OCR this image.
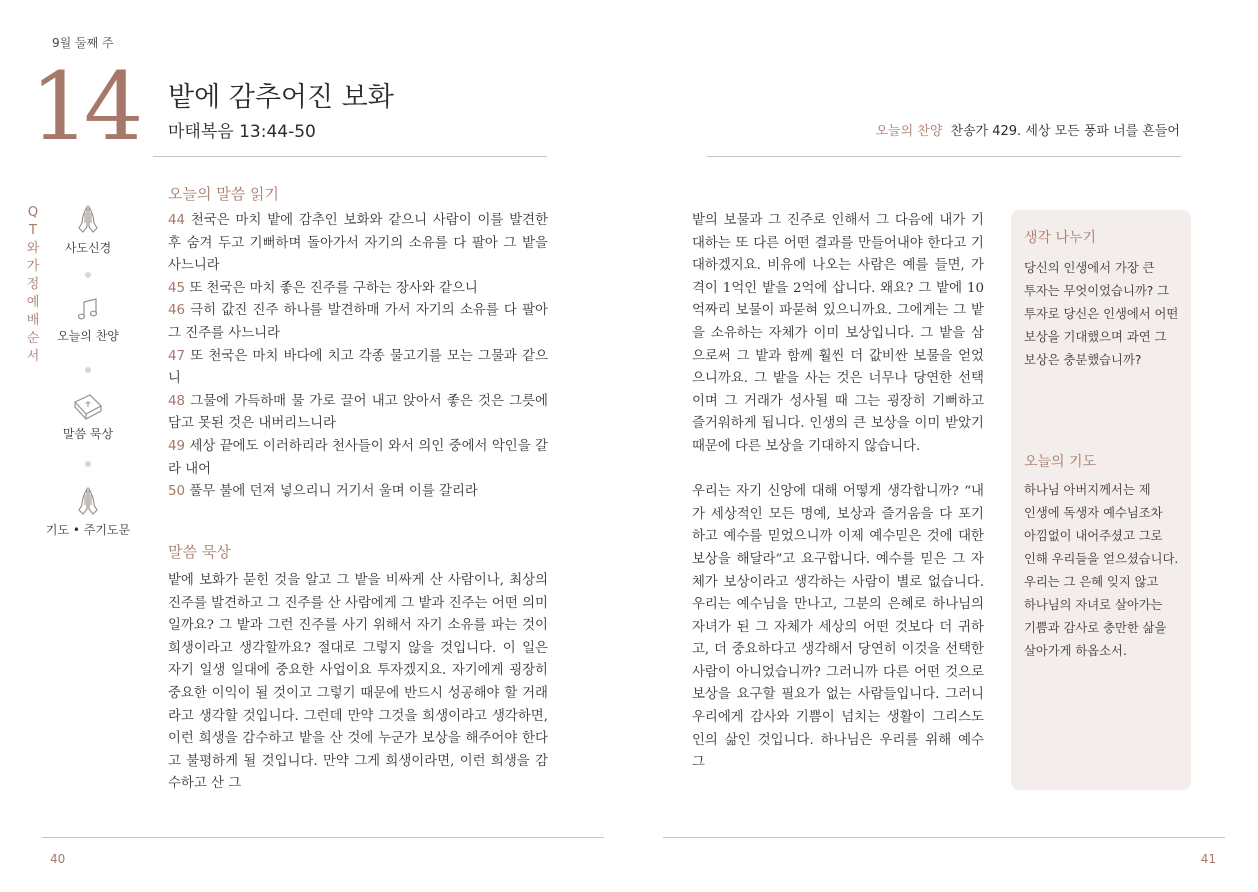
9월 둘째 주
14 밭에 감추어진 보화
마태복음 13:44-50
QT와 가정예배 순서
사도신경
오늘의 찬양
말씀 묵상
기도 • 주기도문
오늘의 말씀 읽기

44 천국은 마치 밭에 감추인 보화와 같으니 사람이 이를 발견한 후 숨겨 두고 기뻐하며 돌아가서 자기의 소유를 다 팔아 그 밭을 사느니라

45 또 천국은 마치 좋은 진주를 구하는 장사와 같으니

46 극히 값진 진주 하나를 발견하매 가서 자기의 소유를 다 팔아 그 진주를 사느니라

47 또 천국은 마치 바다에 치고 각종 물고기를 모는 그물과 같으니

48 그물에 가득하매 물 가로 끌어 내고 앉아서 좋은 것은 그릇에 담고 못된 것은 내버리느니라

49 세상 끝에도 이러하리라 천사들이 와서 의인 중에서 악인을 갈라 내어

50 풀무 불에 던져 넣으리니 거기서 울며 이를 갈리라

말씀 묵상
밭에 보화가 묻힌 것을 알고 그 밭을 비싸게 산 사람이나, 최상의 진주를 발견하고 그 진주를 산 사람에게 그 밭과 진주는 어떤 의미일까요? 그 밭과 그런 진주를 사기 위해서 자기 소유를 파는 것이 희생이라고 생각할까요? 절대로 그렇지 않을 것입니다. 이 일은 자기 일생 일대에 중요한 사업이요 투자겠지요. 자기에게 굉장히 중요한 이익이 될 것이고 그렇기 때문에 반드시 성공해야 할 거래라고 생각할 것입니다. 그런데 만약 그것을 희생이라고 생각하면, 이런 희생을 감수하고 밭을 산 것에 누군가 보상을 해주어야 한다고 불평하게 될 것입니다. 만약 그게 희생이라면, 이런 희생을 감수하고 산 그
40
오늘의 찬양 찬송가 429. 세상 모든 풍파 너를 흔들어

밭의 보물과 그 진주로 인해서 그 다음에 내가 기대하는 또 다른 어떤 결과를 만들어내야 한다고 기대하겠지요. 비유에 나오는 사람은 예를 들면, 가격이 1억인 밭을 2억에 삽니다. 왜요? 그 밭에 10억짜리 보물이 파묻혀 있으니까요. 그에게는 그 밭을 소유하는 자체가 이미 보상입니다. 그 밭을 삼으로써 그 밭과 함께 훨씬 더 값비싼 보물을 얻었으니까요. 그 밭을 사는 것은 너무나 당연한 선택이며 그 거래가 성사될 때 그는 굉장히 기뻐하고 즐거워하게 됩니다. 인생의 큰 보상을 이미 받았기 때문에 다른 보상을 기대하지 않습니다.

우리는 자기 신앙에 대해 어떻게 생각합니까? “내가 세상적인 모든 명예, 보상과 즐거움을 다 포기하고 예수를 믿었으니까 이제 예수믿은 것에 대한 보상을 해달라”고 요구합니다. 예수를 믿은 그 자체가 보상이라고 생각하는 사람이 별로 없습니다. 우리는 예수님을 만나고, 그분의 은혜로 하나님의 자녀가 된 그 자체가 세상의 어떤 것보다 더 귀하고, 더 중요하다고 생각해서 당연히 이것을 선택한 사람이 아니었습니까? 그러니까 다른 어떤 것으로 보상을 요구할 필요가 없는 사람들입니다. 그러니 우리에게 감사와 기쁨이 넘치는 생활이 그리스도인의 삶인 것입니다. 하나님은 우리를 위해 예수 그

생각 나누기
당신의 인생에서 가장 큰 투자는 무엇이었습니까? 그 투자로 당신은 인생에서 어떤 보상을 기대했으며 과연 그 보상은 충분했습니까?
오늘의 기도
하나님 아버지께서는 제 인생에 독생자 예수님조차 아낌없이 내어주셨고 그로 인해 우리들을 얻으셨습니다. 우리는 그 은혜 잊지 않고 하나님의 자녀로 살아가는 기쁨과 감사로 충만한 삶을 살아가게 하옵소서.
41
